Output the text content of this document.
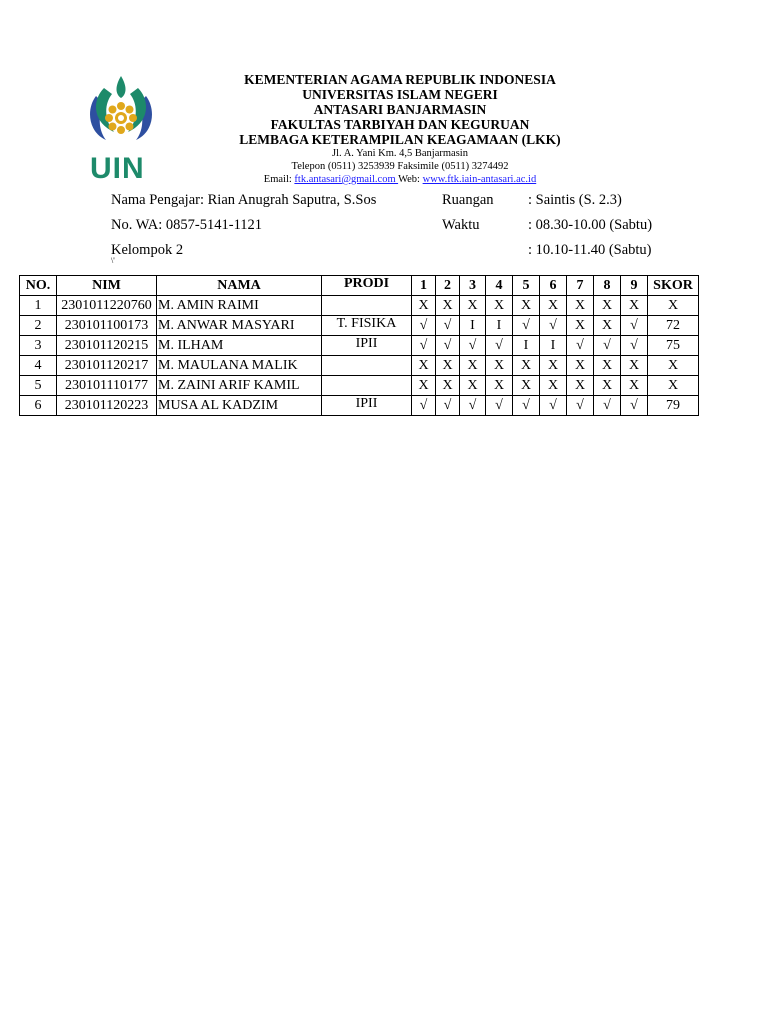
UIN
KEMENTERIAN AGAMA REPUBLIK INDONESIA
UNIVERSITAS ISLAM NEGERI
ANTASARI BANJARMASIN
FAKULTAS TARBIYAH DAN KEGURUAN
LEMBAGA KETERAMPILAN KEAGAMAAN (LKK)
Jl. A. Yani Km. 4,5 Banjarmasin
Telepon (0511) 3253939 Faksimile (0511) 3274492
Email: ftk.antasari@gmail.com Web: www.ftk.iain-antasari.ac.id
Nama Pengajar: Rian Anugrah Saputra, S.Sos
No. WA: 0857-5141-1121
Kelompok 2
\'
Ruangan : Saintis (S. 2.3)
Waktu	: 08.30-10.00 (Sabtu)
: 10.10-11.40 (Sabtu)
NO.	NIM	NAMA	PRODI	1	2	3	4	5	6	7	8	9	SKOR
1	2301011220760	M. AMIN RAIMI		X	X	X	X	X	X	X	X	X	X
2	230101100173	M. ANWAR MASYARI	T. FISIKA	√	√	I	I	√	√	X	X	√	72
3	230101120215	M. ILHAM	IPII	√	√	√	√	I	I	√	√	√	75
4	230101120217	M. MAULANA MALIK		X	X	X	X	X	X	X	X	X	X
5	230101110177	M. ZAINI ARIF KAMIL		X	X	X	X	X	X	X	X	X	X
6	230101120223	MUSA AL KADZIM	IPII	√	√	√	√	√	√	√	√	√	79
